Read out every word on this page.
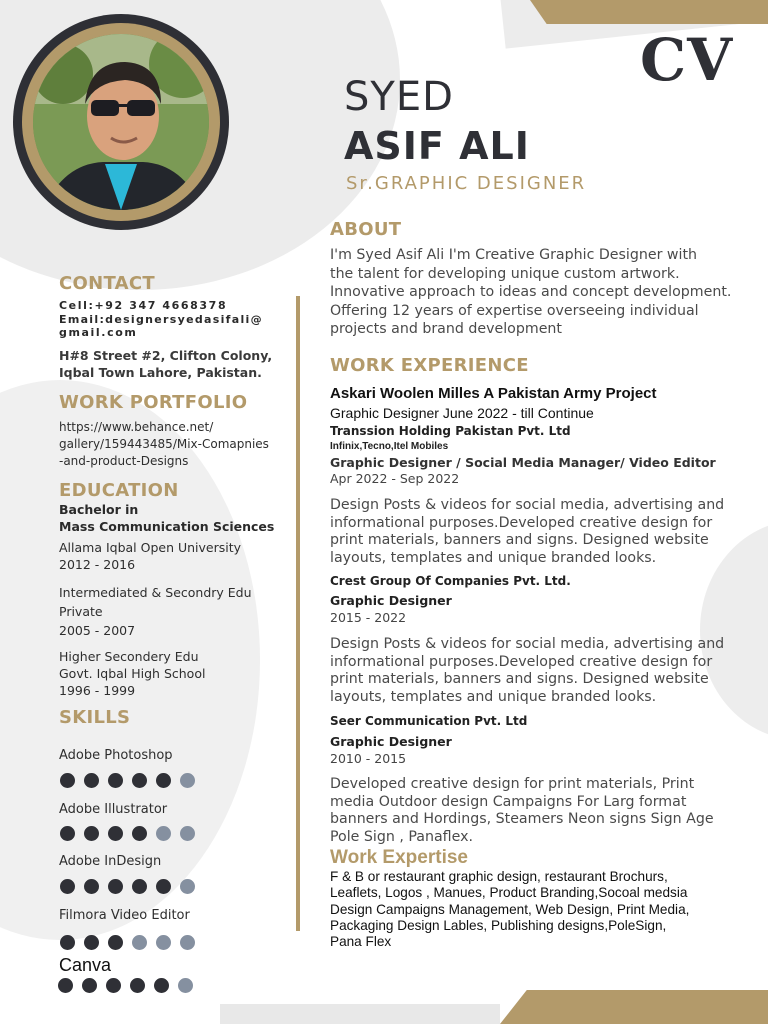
CV
SYED
ASIF ALI
Sr.GRAPHIC DESIGNER
CONTACT
Cell:+92 347 4668378
Email:designersyedasifali@
gmail.com
H#8 Street #2, Clifton Colony,
Iqbal Town Lahore, Pakistan.
WORK PORTFOLIO
https://www.behance.net/
gallery/159443485/Mix-Comapnies
-and-product-Designs
EDUCATION
Bachelor in
Mass Communication Sciences
Allama Iqbal Open University
2012 - 2016
Intermediated & Secondry Edu
Private
2005 - 2007
Higher Secondery Edu
Govt. Iqbal High School
1996 - 1999
SKILLS
Adobe Photoshop
Adobe Illustrator
Adobe InDesign
Filmora Video Editor
Canva
ABOUT
I'm Syed Asif Ali I'm Creative Graphic Designer with
the talent for developing unique custom artwork.
Innovative approach to ideas and concept development.
Offering 12 years of expertise overseeing individual
projects and brand development
WORK EXPERIENCE
Askari Woolen Milles A Pakistan Army Project
Graphic Designer June 2022 - till Continue
Transsion Holding Pakistan Pvt. Ltd
Infinix,Tecno,Itel Mobiles
Graphic Designer / Social Media Manager/ Video Editor
Apr 2022 - Sep 2022
Design Posts & videos for social media, advertising and
informational purposes.Developed creative design for
print materials, banners and signs. Designed website
layouts, templates and unique branded looks.
Crest Group Of Companies Pvt. Ltd.
Graphic Designer
2015 - 2022
Design Posts & videos for social media, advertising and
informational purposes.Developed creative design for
print materials, banners and signs. Designed website
layouts, templates and unique branded looks.
Seer Communication Pvt. Ltd
Graphic Designer
2010 - 2015
Developed creative design for print materials, Print
media Outdoor design Campaigns For Larg format
banners and Hordings, Steamers Neon signs Sign Age
Pole Sign , Panaflex.
Work Expertise
F & B or restaurant graphic design, restaurant Brochurs,
Leaflets, Logos , Manues, Product Branding,Socoal medsia
Design Campaigns Management, Web Design, Print Media,
Packaging Design Lables, Publishing designs,PoleSign,
Pana Flex
